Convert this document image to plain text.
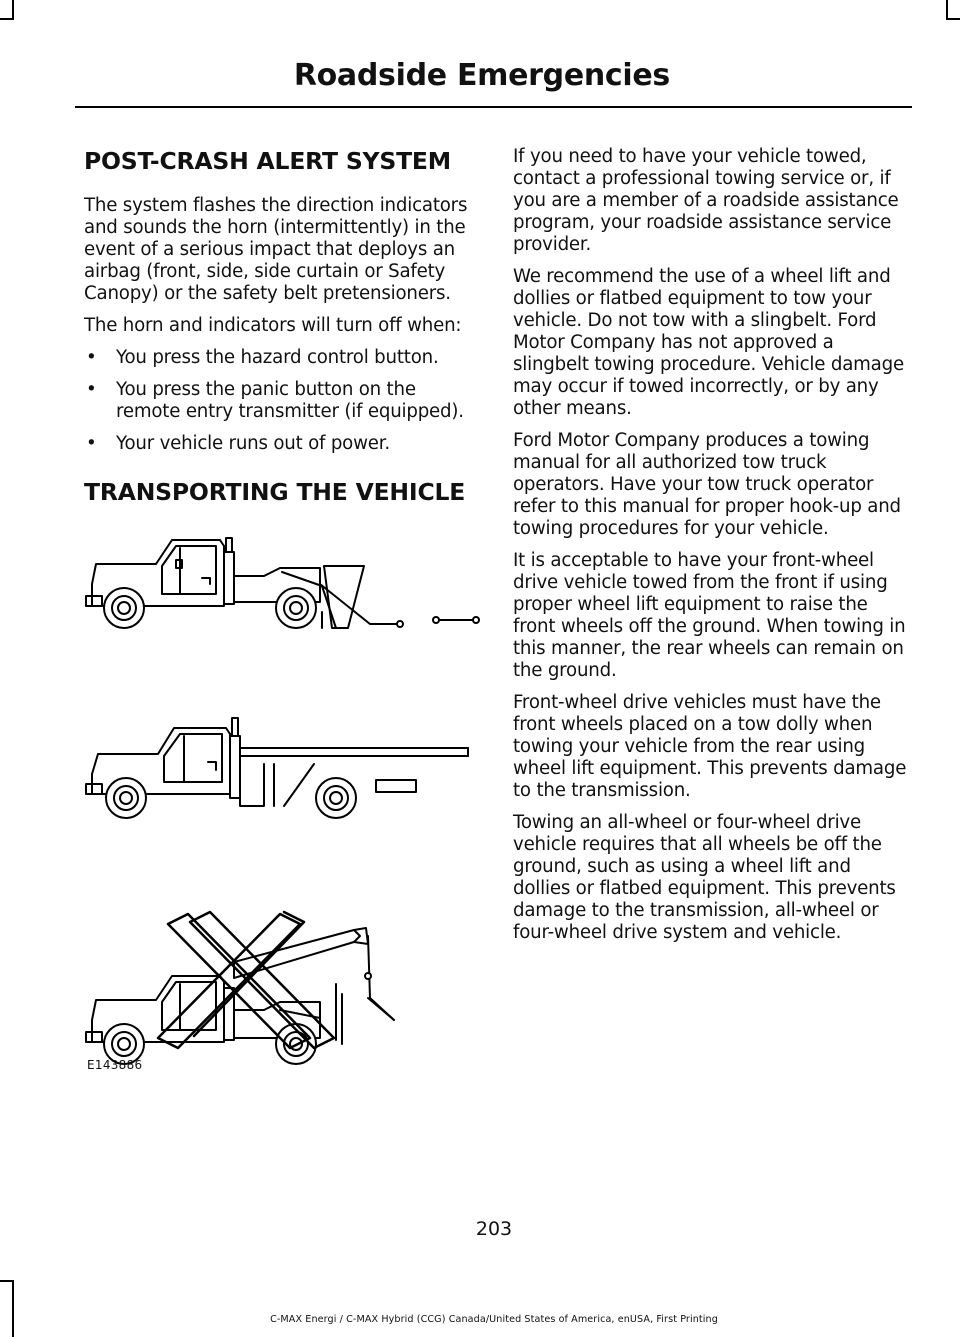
Roadside Emergencies
POST-CRASH ALERT SYSTEM

The system flashes the direction indicators and sounds the horn (intermittently) in the event of a serious impact that deploys an airbag (front, side, side curtain or Safety Canopy) or the safety belt pretensioners.

The horn and indicators will turn off when:

• You press the hazard control button.
• You press the panic button on the remote entry transmitter (if equipped).
• Your vehicle runs out of power.
TRANSPORTING THE VEHICLE
E143886

If you need to have your vehicle towed, contact a professional towing service or, if you are a member of a roadside assistance program, your roadside assistance service provider.

We recommend the use of a wheel lift and dollies or flatbed equipment to tow your vehicle. Do not tow with a slingbelt. Ford Motor Company has not approved a slingbelt towing procedure. Vehicle damage may occur if towed incorrectly, or by any other means.

Ford Motor Company produces a towing manual for all authorized tow truck operators. Have your tow truck operator refer to this manual for proper hook-up and towing procedures for your vehicle.

It is acceptable to have your front-wheel drive vehicle towed from the front if using proper wheel lift equipment to raise the front wheels off the ground. When towing in this manner, the rear wheels can remain on the ground.

Front-wheel drive vehicles must have the front wheels placed on a tow dolly when towing your vehicle from the rear using wheel lift equipment. This prevents damage to the transmission.

Towing an all-wheel or four-wheel drive vehicle requires that all wheels be off the ground, such as using a wheel lift and dollies or flatbed equipment. This prevents damage to the transmission, all-wheel or four-wheel drive system and vehicle.

203
C-MAX Energi / C-MAX Hybrid (CCG) Canada/United States of America, enUSA, First Printing
